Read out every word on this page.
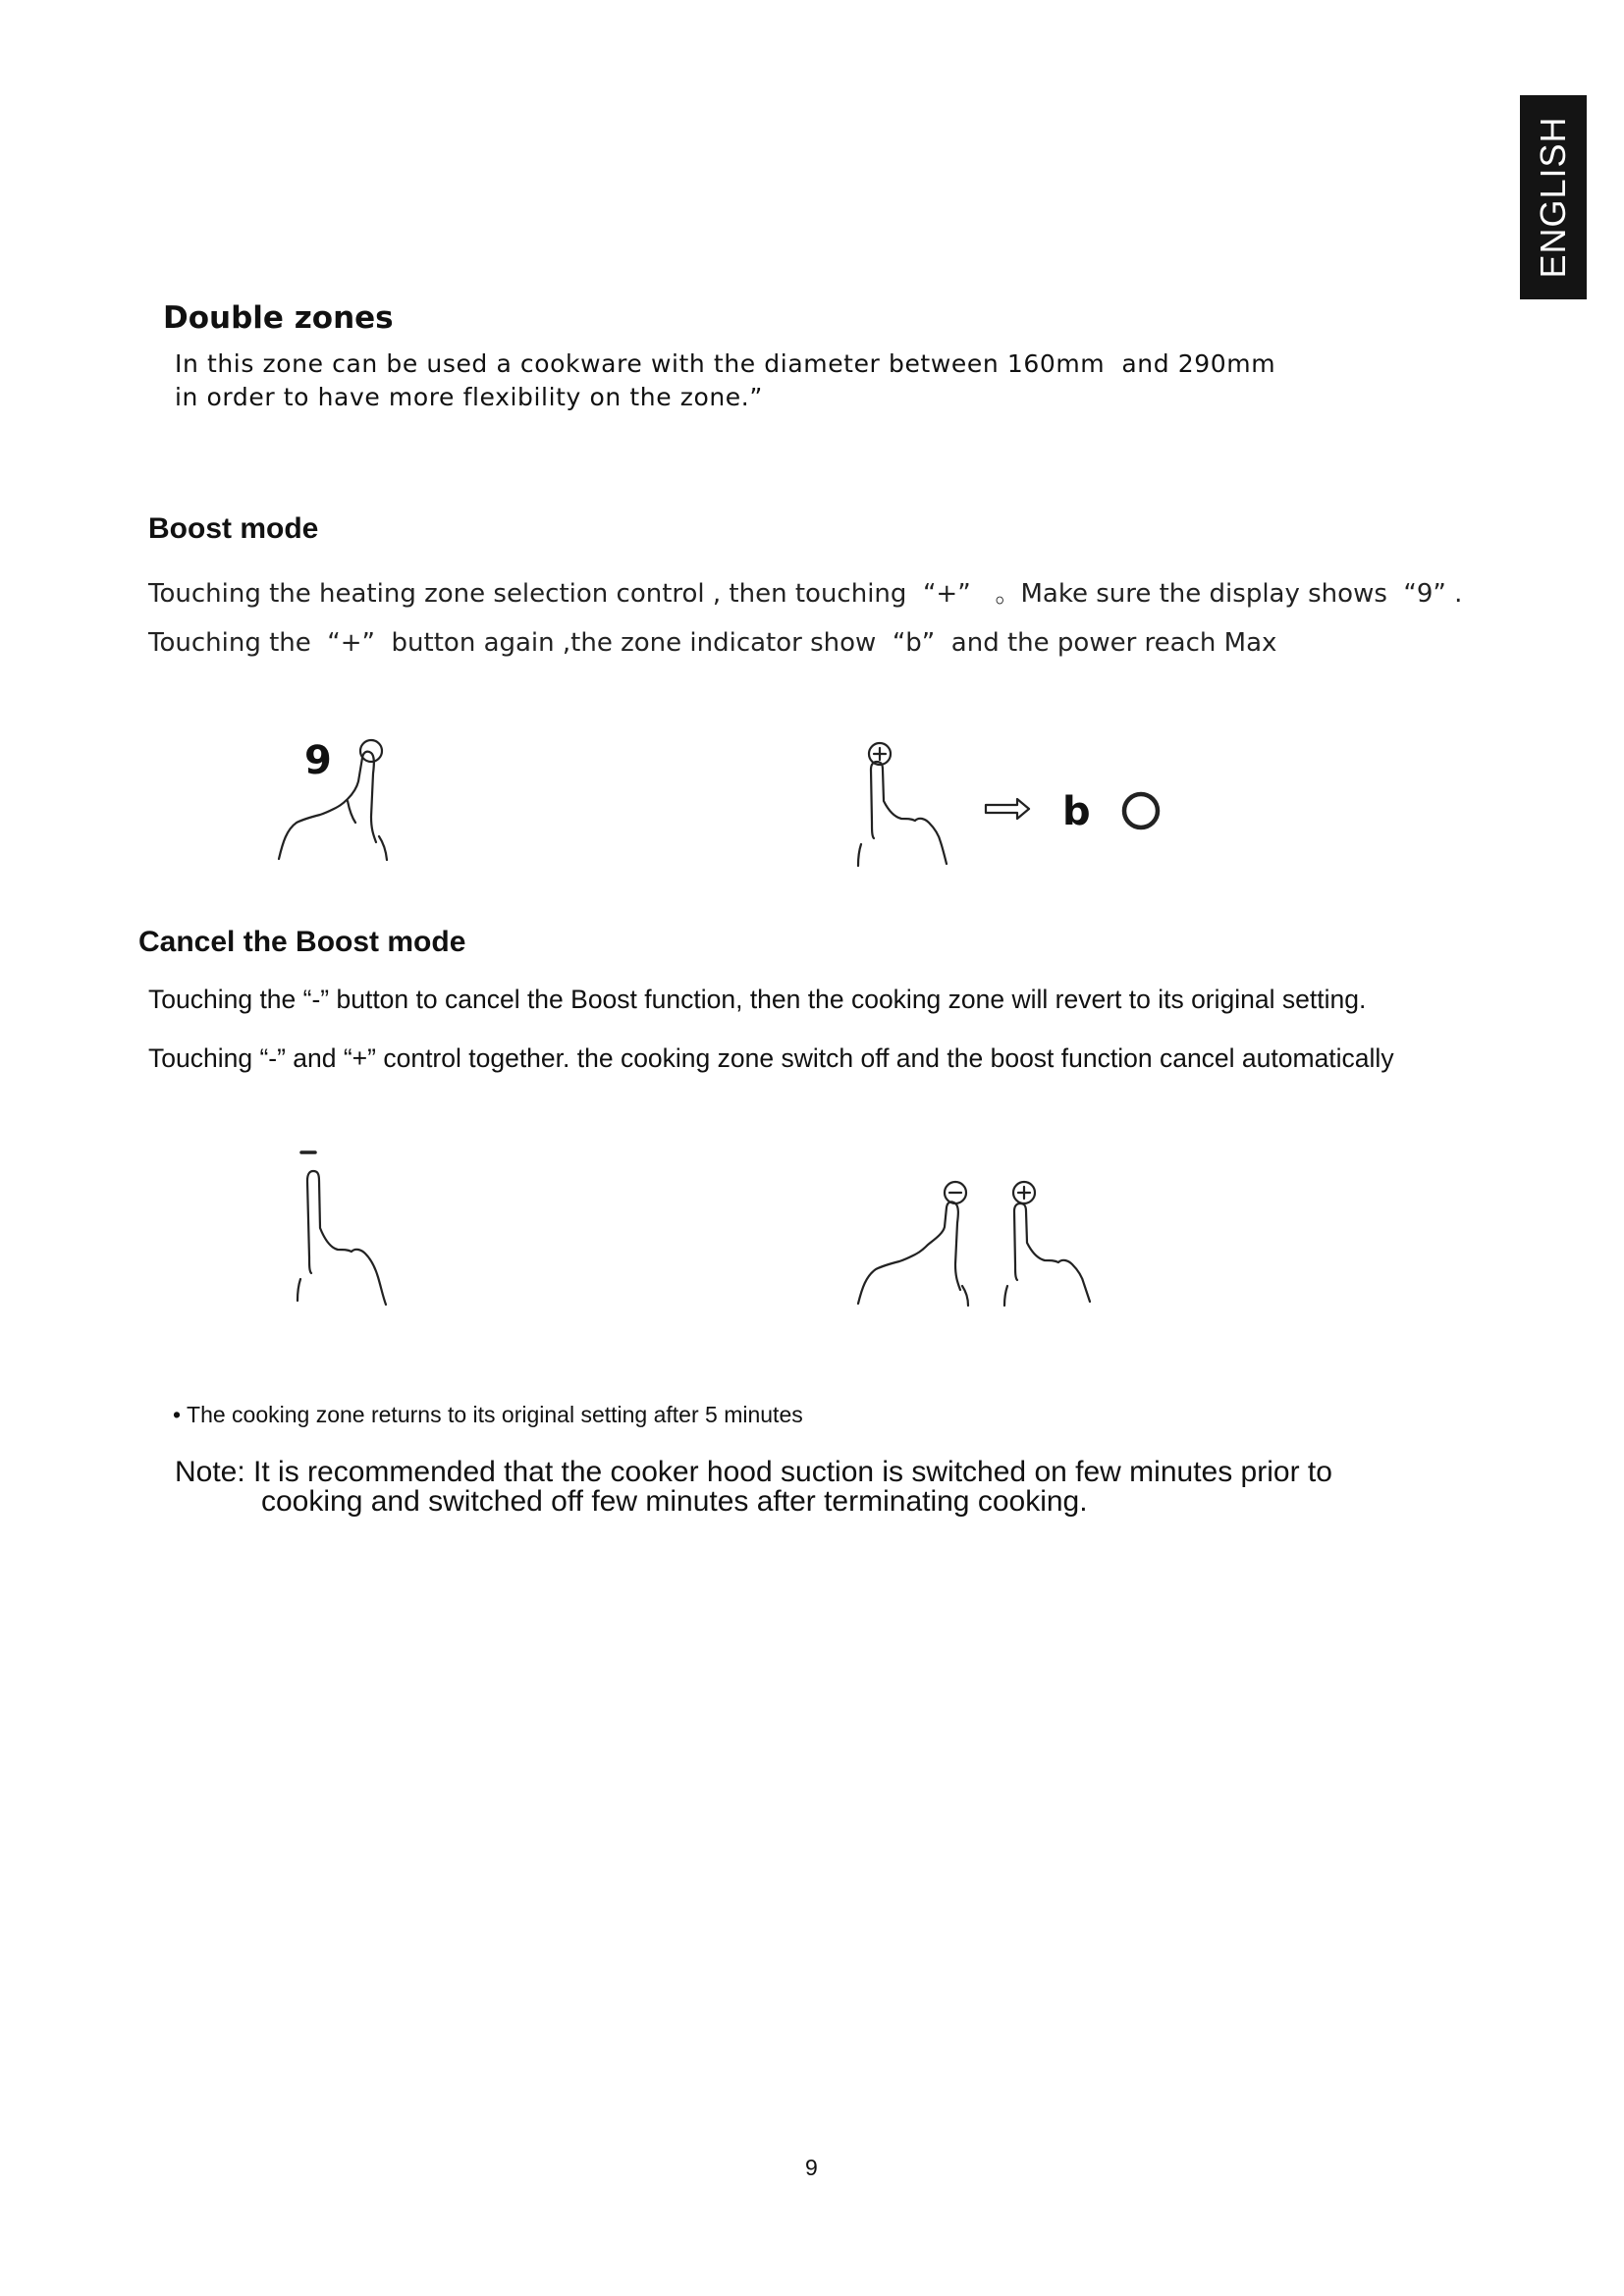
ENGLISH
Double zones
In this zone can be used a cookware with the diameter between 160mm  and 290mm
in order to have more flexibility on the zone.”
Boost mode
Touching the heating zone selection control , then touching  “+”   。Make sure the display shows  “9” .
Touching the  “+”  button again ,the zone indicator show  “b”  and the power reach Max
9
b
Cancel the Boost mode
Touching the “-” button to cancel the Boost function, then the cooking zone will revert to its original setting.
Touching “-” and “+” control together. the cooking zone switch off and the boost function cancel automatically
• The cooking zone returns to its original setting after 5 minutes
Note: It is recommended that the cooker hood suction is switched on few minutes prior to
cooking and switched off few minutes after terminating cooking.
9
